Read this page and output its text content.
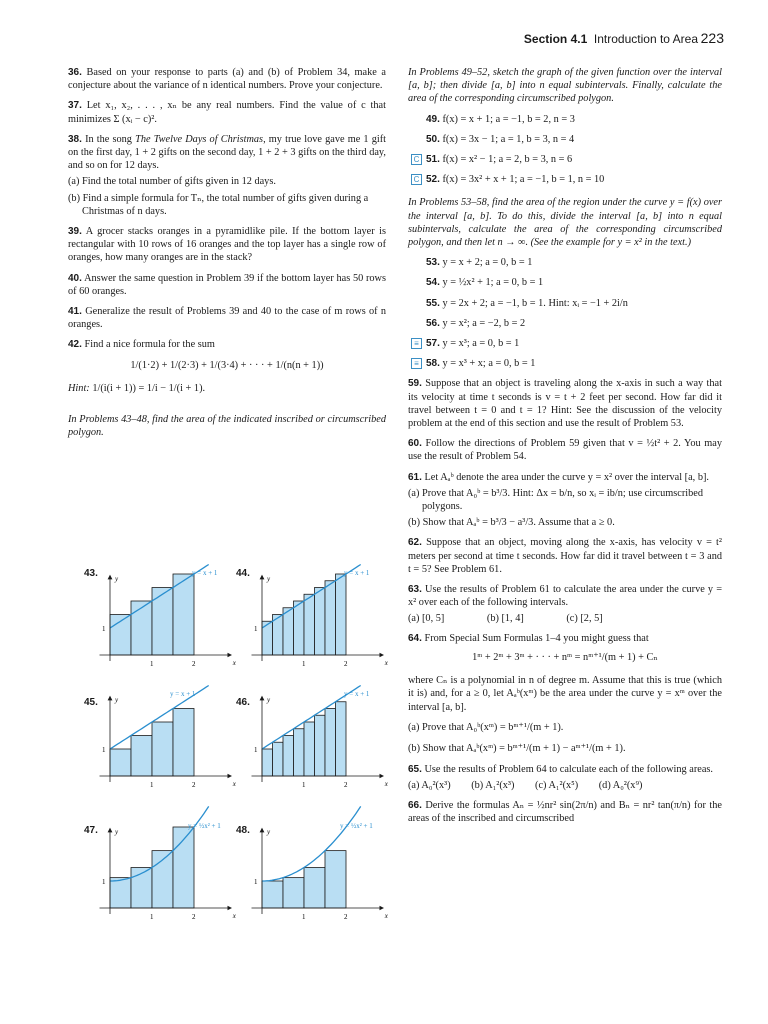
Section 4.1 Introduction to Area 223

36. Based on your response to parts (a) and (b) of Problem 34, make a conjecture about the variance of n identical numbers. Prove your conjecture.

37. Let x₁, x₂, . . . , xₙ be any real numbers. Find the value of c that minimizes Σ (xᵢ − c)².

38. In the song The Twelve Days of Christmas, my true love gave me 1 gift on the first day, 1 + 2 gifts on the second day, 1 + 2 + 3 gifts on the third day, and so on for 12 days.

(a) Find the total number of gifts given in 12 days.
(b) Find a simple formula for Tₙ, the total number of gifts given during a Christmas of n days.

39. A grocer stacks oranges in a pyramidlike pile. If the bottom layer is rectangular with 10 rows of 16 oranges and the top layer has a single row of oranges, how many oranges are in the stack?

40. Answer the same question in Problem 39 if the bottom layer has 50 rows of 60 oranges.

41. Generalize the result of Problems 39 and 40 to the case of m rows of n oranges.

42. Find a nice formula for the sum

1/(1·2) + 1/(2·3) + 1/(3·4) + · · · + 1/(n(n + 1))
Hint: 1/(i(i + 1)) = 1/i − 1/(i + 1).

In Problems 43–48, find the area of the indicated inscribed or circumscribed polygon.

1	2
1
x
y
y = x + 1
1	2
1
x
y
y = x + 1
1	2
1
x
y
y = x + 1
1	2
1
x
y
y = x + 1
1	2
1
x
y
y = ½x² + 1
1	2
1
x
y
y = ½x² + 1
43.	44.
45.	46.
47.	48.

In Problems 49–52, sketch the graph of the given function over the interval [a, b]; then divide [a, b] into n equal subintervals. Finally, calculate the area of the corresponding circumscribed polygon.

49. f(x) = x + 1; a = −1, b = 2, n = 3
50. f(x) = 3x − 1; a = 1, b = 3, n = 4
C 51. f(x) = x² − 1; a = 2, b = 3, n = 6
C 52. f(x) = 3x² + x + 1; a = −1, b = 1, n = 10

In Problems 53–58, find the area of the region under the curve y = f(x) over the interval [a, b]. To do this, divide the interval [a, b] into n equal subintervals, calculate the area of the corresponding circumscribed polygon, and then let n → ∞. (See the example for y = x² in the text.)

53. y = x + 2; a = 0, b = 1
54. y = ½x² + 1; a = 0, b = 1
55. y = 2x + 2; a = −1, b = 1. Hint: xᵢ = −1 + 2i/n
56. y = x²; a = −2, b = 2
≡ 57. y = x³; a = 0, b = 1
≡ 58. y = x³ + x; a = 0, b = 1

59. Suppose that an object is traveling along the x-axis in such a way that its velocity at time t seconds is v = t + 2 feet per second. How far did it travel between t = 0 and t = 1? Hint: See the discussion of the velocity problem at the end of this section and use the result of Problem 53.

60. Follow the directions of Problem 59 given that v = ½t² + 2. You may use the result of Problem 54.

61. Let Aₐᵇ denote the area under the curve y = x² over the interval [a, b].

(a) Prove that A₀ᵇ = b³/3. Hint: Δx = b/n, so xᵢ = ib/n; use circumscribed polygons.
(b) Show that Aₐᵇ = b³/3 − a³/3. Assume that a ≥ 0.

62. Suppose that an object, moving along the x-axis, has velocity v = t² meters per second at time t seconds. How far did it travel between t = 3 and t = 5? See Problem 61.

63. Use the results of Problem 61 to calculate the area under the curve y = x² over each of the following intervals.

(a) [0, 5]	(b) [1, 4]	(c) [2, 5]

64. From Special Sum Formulas 1–4 you might guess that

1ᵐ + 2ᵐ + 3ᵐ + · · · + nᵐ = nᵐ⁺¹/(m + 1) + Cₙ

where Cₙ is a polynomial in n of degree m. Assume that this is true (which it is) and, for a ≥ 0, let Aₐᵇ(xᵐ) be the area under the curve y = xᵐ over the interval [a, b].

(a) Prove that A₀ᵇ(xᵐ) = bᵐ⁺¹/(m + 1).
(b) Show that Aₐᵇ(xᵐ) = bᵐ⁺¹/(m + 1) − aᵐ⁺¹/(m + 1).

65. Use the results of Problem 64 to calculate each of the following areas.

(a) A₀²(x³) (b) A₁²(x³) (c) A₁²(x⁵) (d) A₀²(x⁹)

66. Derive the formulas Aₙ = ½nr² sin(2π/n) and Bₙ = nr² tan(π/n) for the areas of the inscribed and circumscribed
